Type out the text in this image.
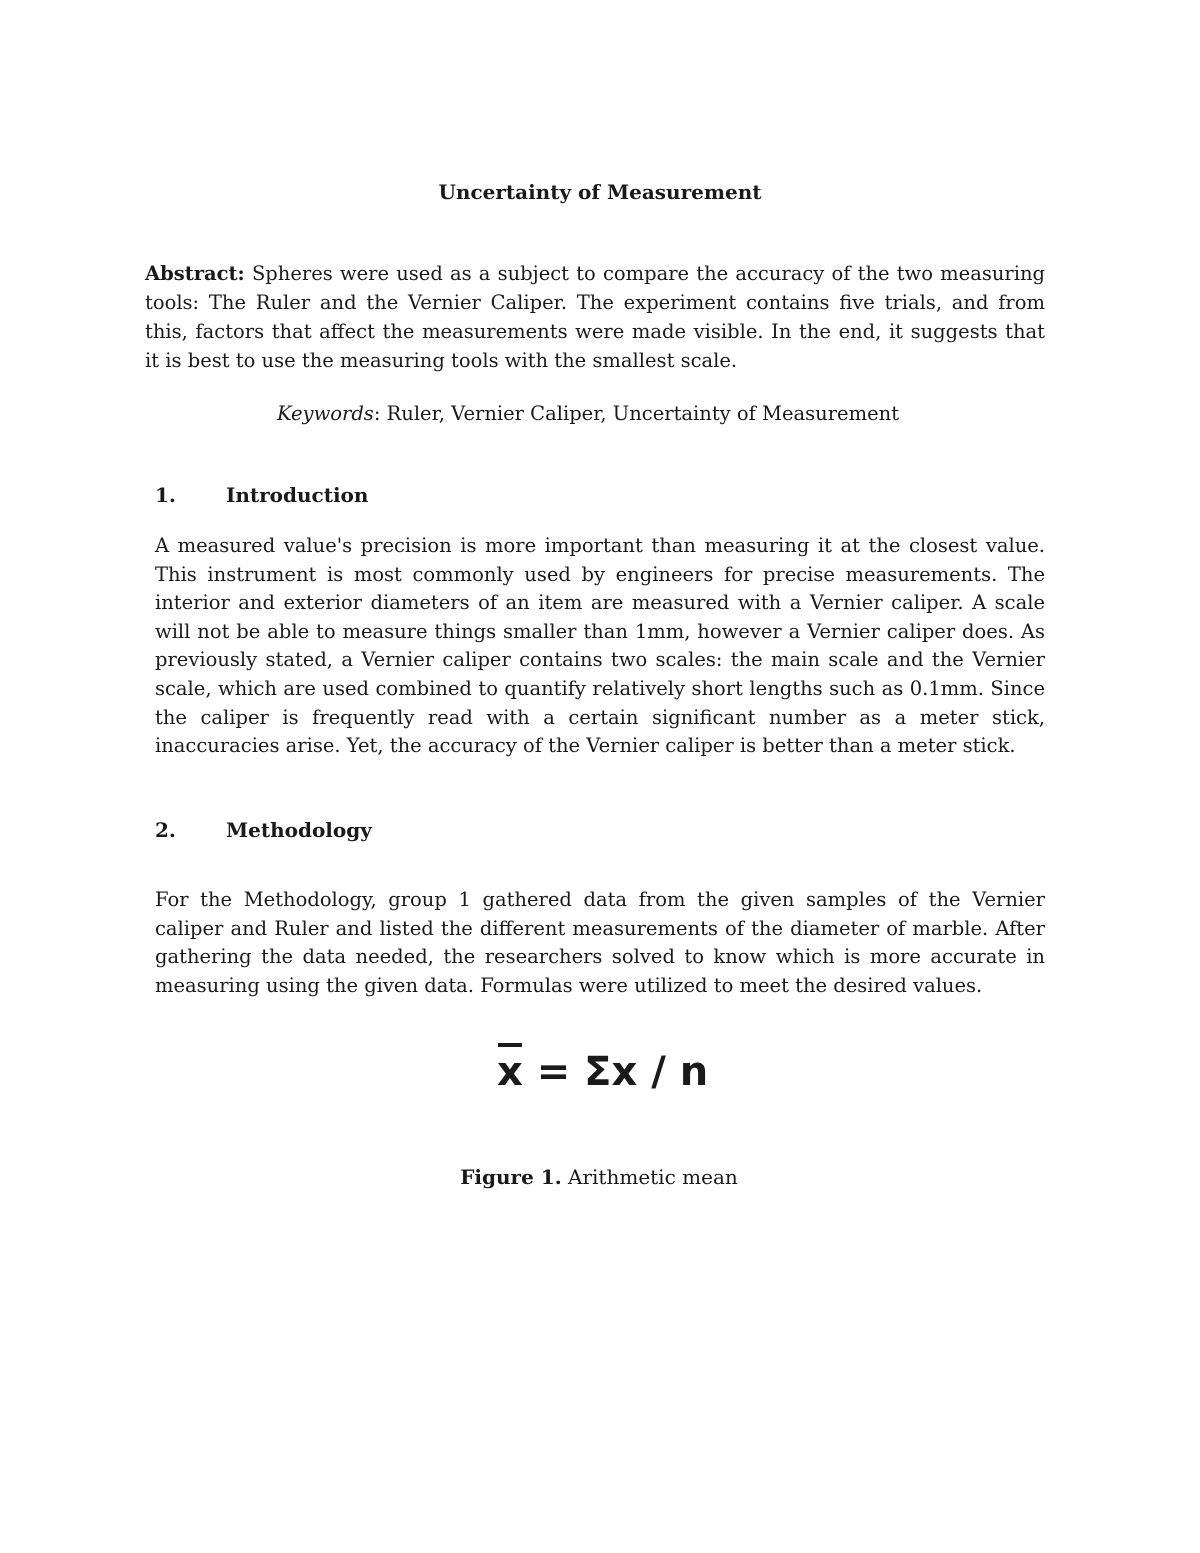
Uncertainty of Measurement
Abstract: Spheres were used as a subject to compare the accuracy of the two measuring tools: The Ruler and the Vernier Caliper. The experiment contains five trials, and from this, factors that affect the measurements were made visible. In the end, it suggests that it is best to use the measuring tools with the smallest scale.
Keywords: Ruler, Vernier Caliper, Uncertainty of Measurement
1.	Introduction
A measured value's precision is more important than measuring it at the closest value. This instrument is most commonly used by engineers for precise measurements. The interior and exterior diameters of an item are measured with a Vernier caliper. A scale will not be able to measure things smaller than 1mm, however a Vernier caliper does. As previously stated, a Vernier caliper contains two scales: the main scale and the Vernier scale, which are used combined to quantify relatively short lengths such as 0.1mm. Since the caliper is frequently read with a certain significant number as a meter stick, inaccuracies arise. Yet, the accuracy of the Vernier caliper is better than a meter stick.
2.	Methodology
For the Methodology, group 1 gathered data from the given samples of the Vernier caliper and Ruler and listed the different measurements of the diameter of marble. After gathering the data needed, the researchers solved to know which is more accurate in measuring using the given data. Formulas were utilized to meet the desired values.
x = Σx / n
Figure 1. Arithmetic mean
